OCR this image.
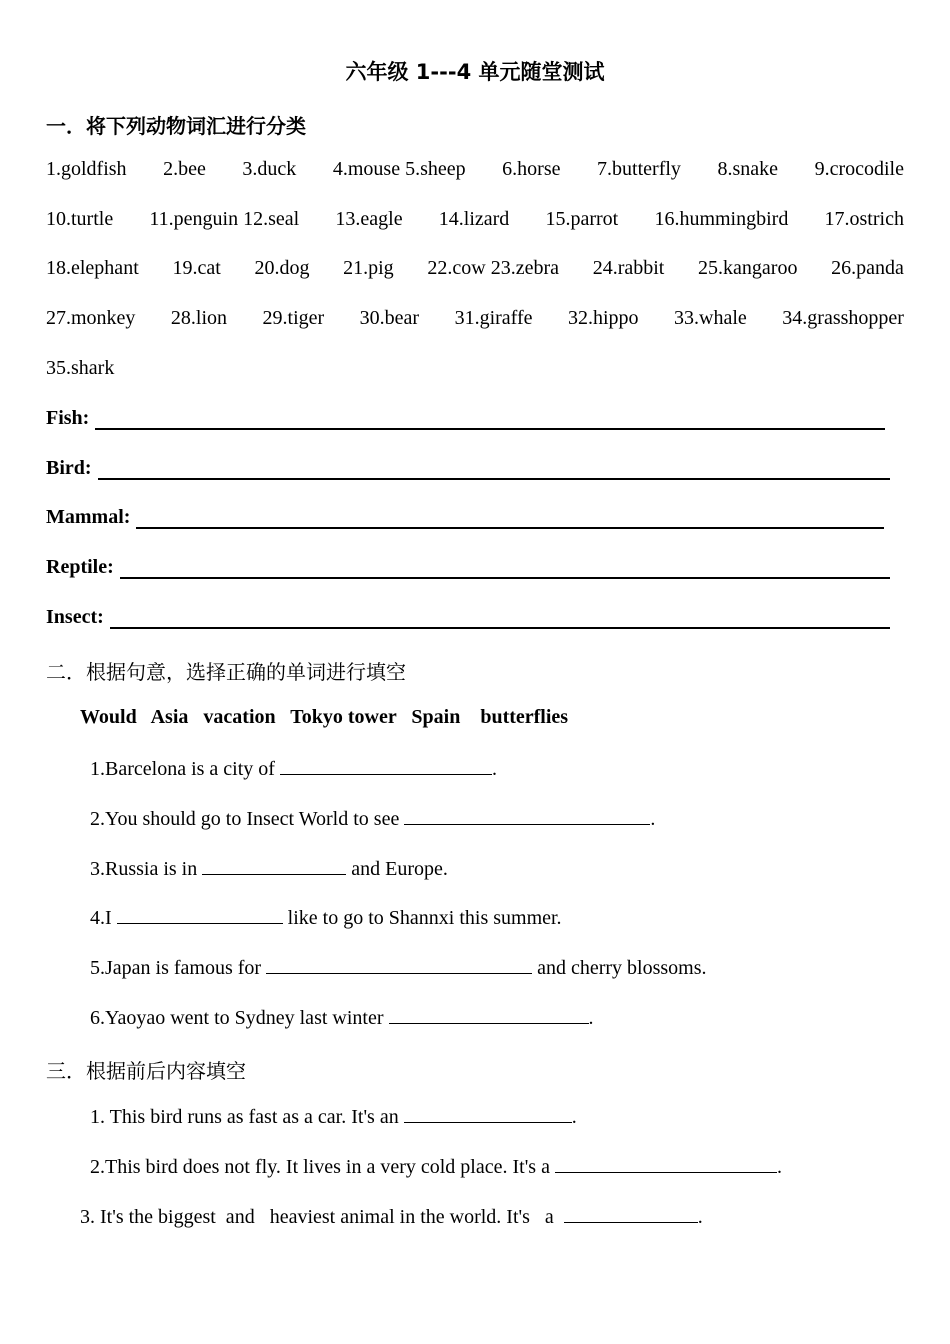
六年级 1---4 单元随堂测试
一．将下列动物词汇进行分类
1.goldfish 2.bee 3.duck 4.mouse 5.sheep 6.horse 7.butterfly 8.snake 9.crocodile
10.turtle 11.penguin 12.seal 13.eagle 14.lizard 15.parrot 16.hummingbird 17.ostrich
18.elephant 19.cat 20.dog 21.pig 22.cow 23.zebra 24.rabbit 25.kangaroo 26.panda
27.monkey 28.lion 29.tiger 30.bear 31.giraffe 32.hippo 33.whale 34.grasshopper
35.shark
Fish:
Bird:
Mammal:
Reptile:
Insect:
二．根据句意，选择正确的单词进行填空
Would Asia vacation Tokyo tower Spain butterflies
1.Barcelona is a city of	.
2.You should go to Insect World to see	.
3.Russia is in	and Europe.
4.I	like to go to Shannxi this summer.
5.Japan is famous for	and cherry blossoms.
6.Yaoyao went to Sydney last winter	.
三．根据前后内容填空
1. This bird runs as fast as a car. It's an	.
2.This bird does not fly. It lives in a very cold place. It's a	.
3. It's the biggest  and   heaviest animal in the world. It's   a	.
